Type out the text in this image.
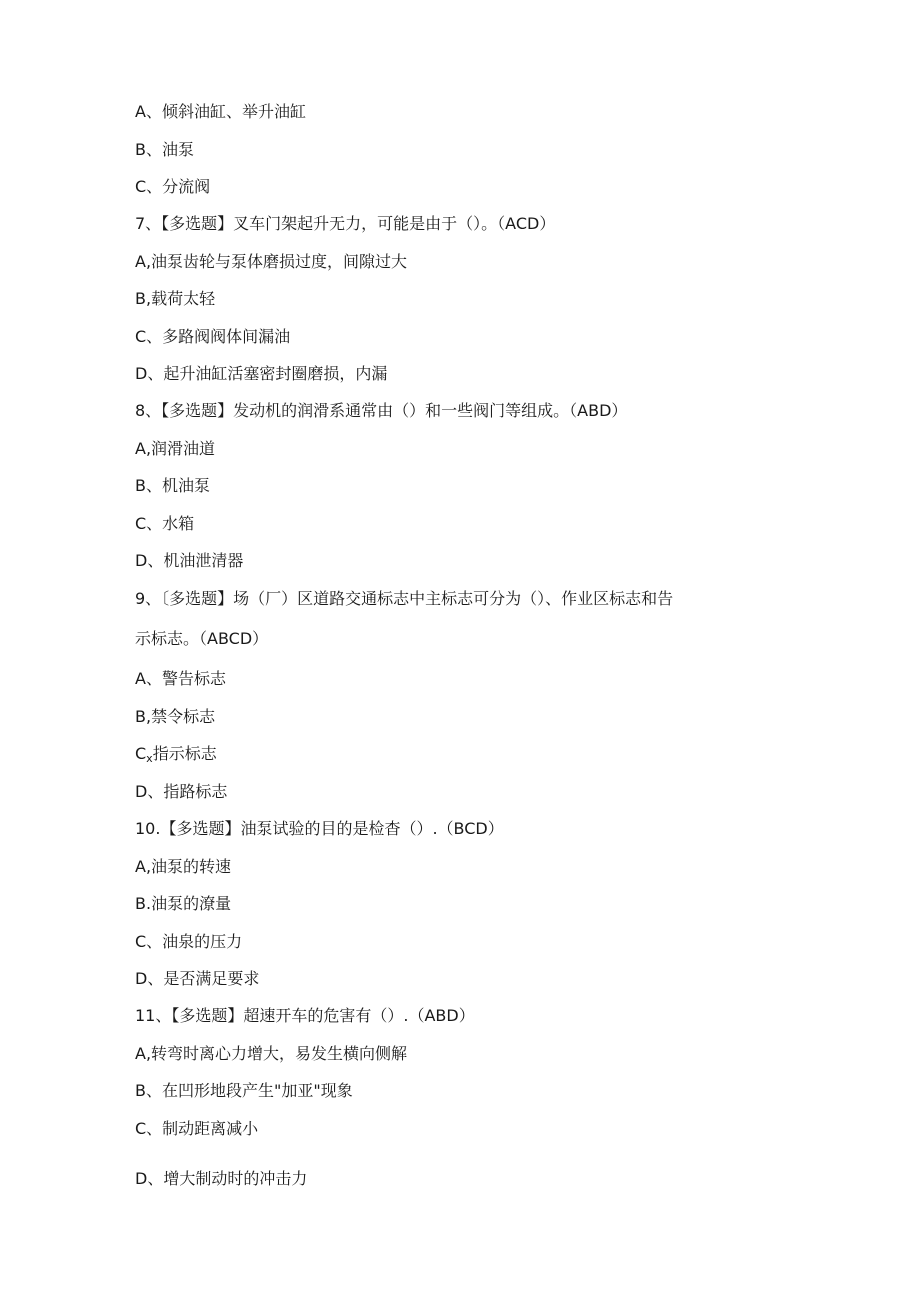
A、倾斜油缸、举升油缸
B、油泵
C、分流阀
7、【多选题】叉车门架起升无力，可能是由于（）。（ACD）
A,油泵齿轮与泵体磨损过度，间隙过大
B,载荷太轻
C、多路阀阀体间漏油
D、起升油缸活塞密封圈磨损，内漏
8、【多选题】发动机的润滑系通常由（）和一些阀门等组成。（ABD）
A,润滑油道
B、机油泵
C、水箱
D、机油泄清器
9、〔多选题】场（厂）区道路交通标志中主标志可分为（）、作业区标志和告
示标志。（ABCD）
A、警告标志
B,禁令标志
$C_x$指示标志
D、指路标志
10.【多选题】油泵试验的目的是检杳（）.（BCD）
A,油泵的转速
B.油泵的潦量
C、油泉的压力
D、是否满足要求
11、【多选题】超速开车的危害有（）.（ABD）
A,转弯时离心力增大，易发生横向侧解
B、在凹形地段产生"加亚"现象
C、制动距离减小
D、增大制动时的冲击力
